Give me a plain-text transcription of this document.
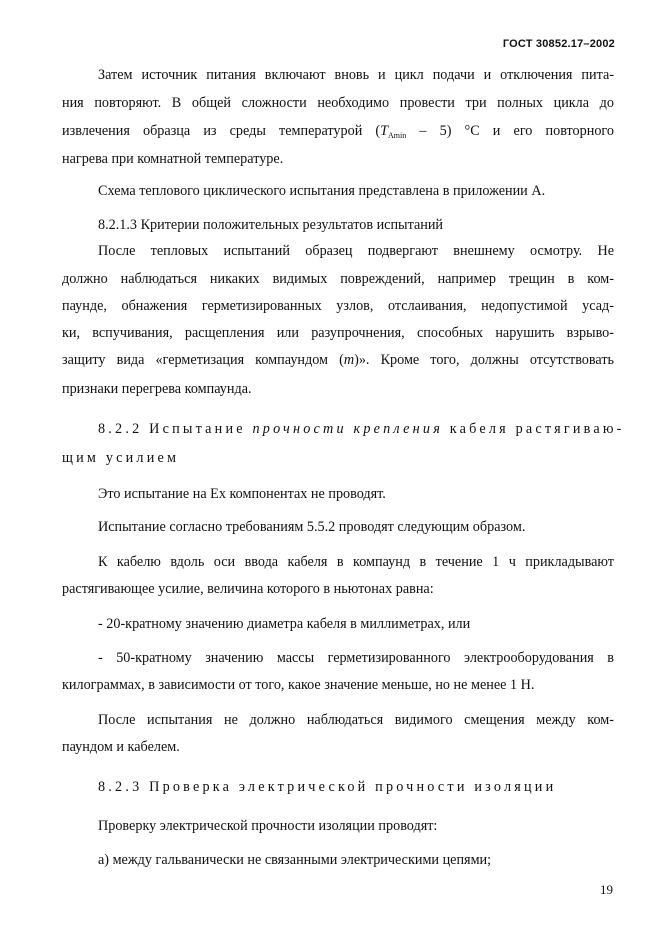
ГОСТ 30852.17–2002
Затем источник питания включают вновь и цикл подачи и отключения пита-
ния повторяют. В общей сложности необходимо провести три полных цикла до
извлечения образца из среды температурой $(T_{Amin} - 5)$ °С и его повторного
нагрева при комнатной температуре.
Схема теплового циклического испытания представлена в приложении А.
8.2.1.3 Критерии положительных результатов испытаний
После тепловых испытаний образец подвергают внешнему осмотру. Не
должно наблюдаться никаких видимых повреждений, например трещин в ком-
паунде, обнажения герметизированных узлов, отслаивания, недопустимой усад-
ки, вспучивания, расщепления или разупрочнения, способных нарушить взрыво-
защиту вида «герметизация компаундом (m)». Кроме того, должны отсутствовать
признаки перегрева компаунда.
8.2.2 Испытание прочности крепления кабеля растягиваю-
щим усилием
Это испытание на Ex компонентах не проводят.
Испытание согласно требованиям 5.5.2 проводят следующим образом.
К кабелю вдоль оси ввода кабеля в компаунд в течение 1 ч прикладывают
растягивающее усилие, величина которого в ньютонах равна:
- 20-кратному значению диаметра кабеля в миллиметрах, или
- 50-кратному значению массы герметизированного электрооборудования в
килограммах, в зависимости от того, какое значение меньше, но не менее 1 Н.
После испытания не должно наблюдаться видимого смещения между ком-
паундом и кабелем.
8.2.3 Проверка электрической прочности изоляции
Проверку электрической прочности изоляции проводят:
а) между гальванически не связанными электрическими цепями;
19
